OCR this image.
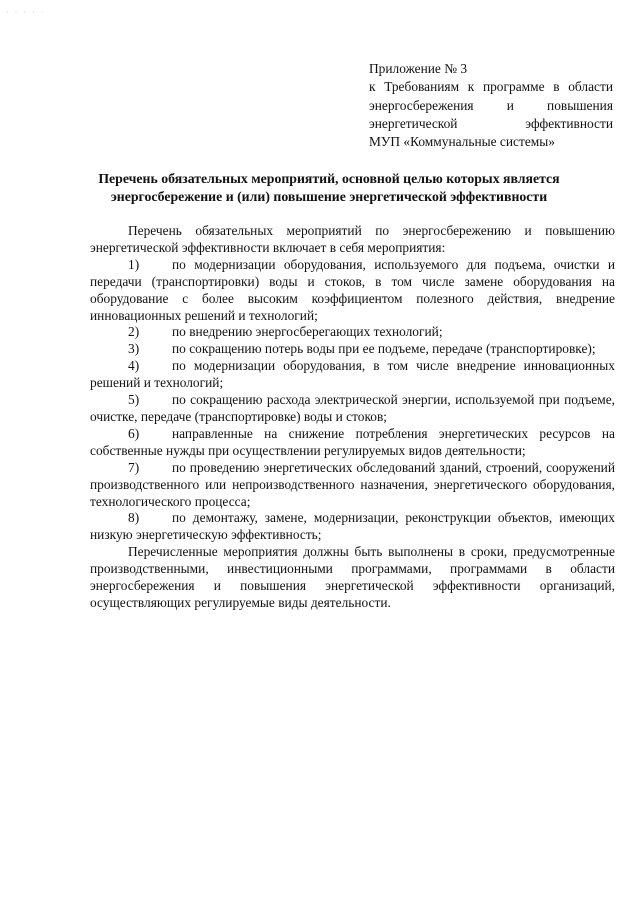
· · · · ·
Приложение № 3
к Требованиям к программе в области
энергосбережения и повышения
энергетической эффективности
МУП «Коммунальные системы»
Перечень обязательных мероприятий, основной целью которых является энергосбережение и (или) повышение энергетической эффективности

Перечень обязательных мероприятий по энергосбережению и повышению энергетической эффективности включает в себя мероприятия:

1) по модернизации оборудования, используемого для подъема, очистки и передачи (транспортировки) воды и стоков, в том числе замене оборудования на оборудование с более высоким коэффициентом полезного действия, внедрение инновационных решений и технологий;

2) по внедрению энергосберегающих технологий;

3) по сокращению потерь воды при ее подъеме, передаче (транспортировке);

4) по модернизации оборудования, в том числе внедрение инновационных решений и технологий;

5) по сокращению расхода электрической энергии, используемой при подъеме, очистке, передаче (транспортировке) воды и стоков;

6) направленные на снижение потребления энергетических ресурсов на собственные нужды при осуществлении регулируемых видов деятельности;

7) по проведению энергетических обследований зданий, строений, сооружений производственного или непроизводственного назначения, энергетического оборудования, технологического процесса;

8) по демонтажу, замене, модернизации, реконструкции объектов, имеющих низкую энергетическую эффективность;

Перечисленные мероприятия должны быть выполнены в сроки, предусмотренные производственными, инвестиционными программами, программами в области энергосбережения и повышения энергетической эффективности организаций, осуществляющих регулируемые виды деятельности.
